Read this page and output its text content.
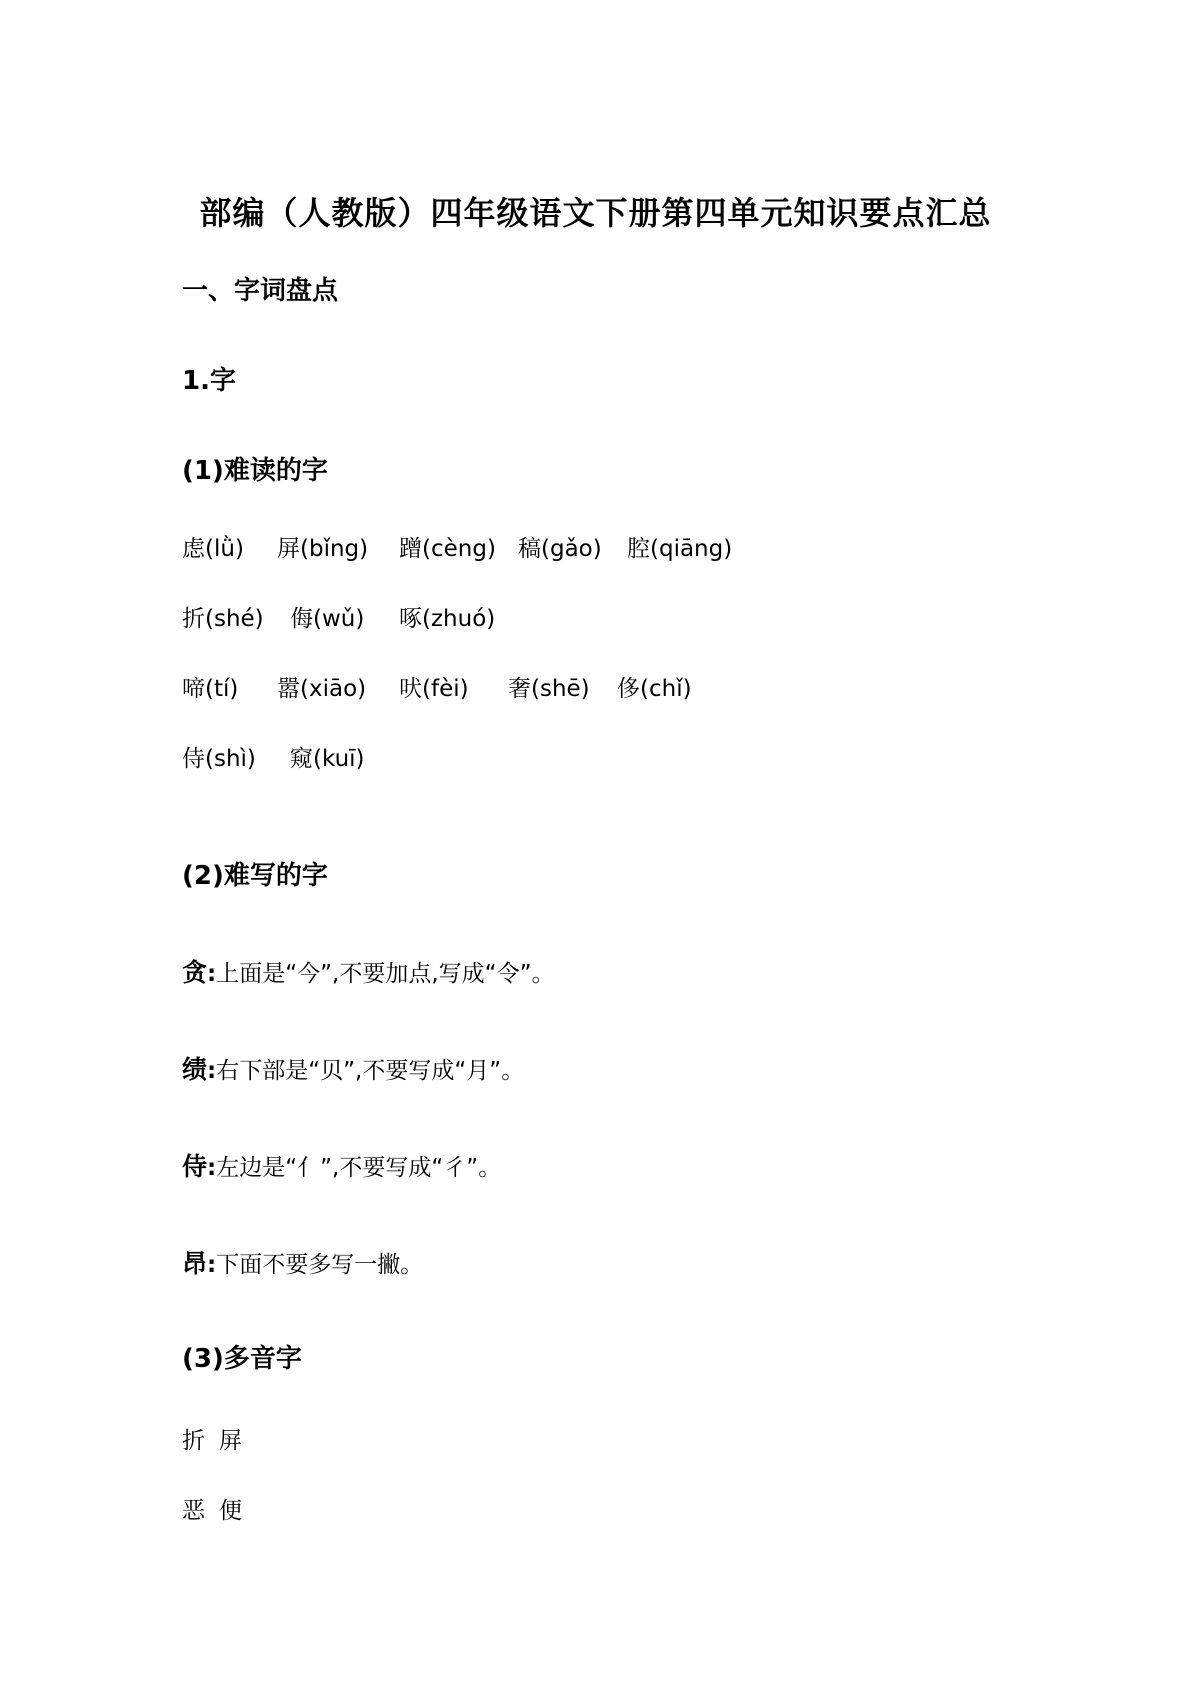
部编（人教版）四年级语文下册第四单元知识要点汇总
一、字词盘点
1.字
(1)难读的字
虑(lǜ) 屏(bǐng) 蹭(cèng) 稿(gǎo) 腔(qiāng)
折(shé) 侮(wǔ) 啄(zhuó)
啼(tí) 嚣(xiāo) 吠(fèi) 奢(shē) 侈(chǐ)
侍(shì) 窥(kuī)
(2)难写的字
贪:上面是“今”,不要加点,写成“令”。
绩:右下部是“贝”,不要写成“月”。
侍:左边是“亻”,不要写成“彳”。
昂:下面不要多写一撇。
(3)多音字
折 屏
恶 便
